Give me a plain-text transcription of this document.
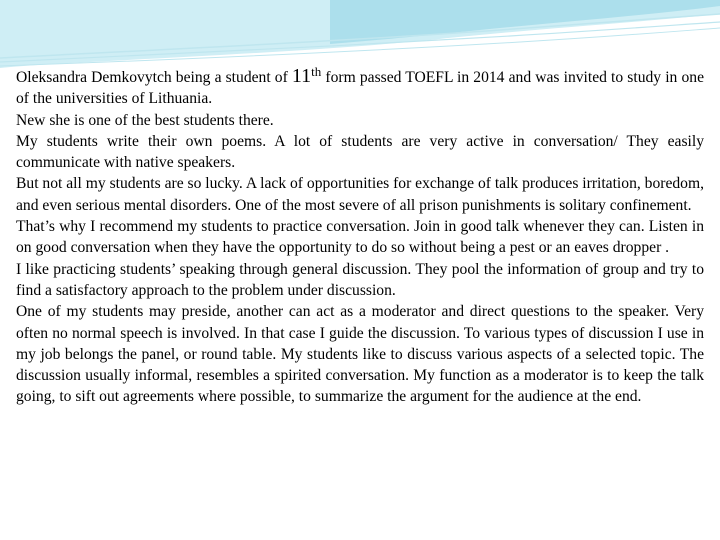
Oleksandra Demkovytch being a student of 11th form passed TOEFL in 2014 and was invited to study in one of the universities of Lithuania.

New she is one of the best students there.

My students write their own poems. A lot of students are very active in conversation/ They easily communicate with native speakers.

But not all my students are so lucky. A lack of opportunities for exchange of talk produces irritation, boredom, and even serious mental disorders. One of the most severe of all prison punishments is solitary confinement.

That’s why I recommend my students to practice conversation. Join in good talk whenever they can. Listen in on good conversation when they have the opportunity to do so without being a pest or an eaves dropper .

I like practicing students’ speaking through general discussion. They pool the information of group and try to find a satisfactory approach to the problem under discussion.

One of my students may preside, another can act as a moderator and direct questions to the speaker. Very often no normal speech is involved. In that case I guide the discussion. To various types of discussion I use in my job belongs the panel, or round table. My students like to discuss various aspects of a selected topic. The discussion usually informal, resembles a spirited conversation. My function as a moderator is to keep the talk going, to sift out agreements where possible, to summarize the argument for the audience at the end.
